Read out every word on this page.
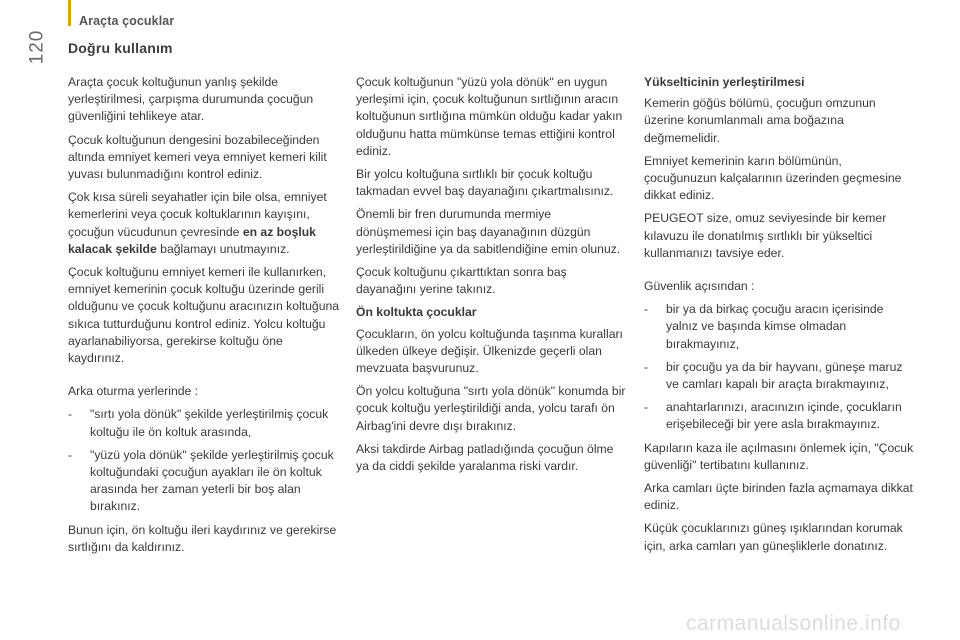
Araçta çocuklar
120 Doğru kullanım

Araçta çocuk koltuğunun yanlış şekilde yerleştirilmesi, çarpışma durumunda çocuğun güvenliğini tehlikeye atar.

Çocuk koltuğunun dengesini bozabileceğinden altında emniyet kemeri veya emniyet kemeri kilit yuvası bulunmadığını kontrol ediniz.

Çok kısa süreli seyahatler için bile olsa, emniyet kemerlerini veya çocuk koltuklarının kayışını, çocuğun vücudunun çevresinde en az boşluk kalacak şekilde bağlamayı unutmayınız.

Çocuk koltuğunu emniyet kemeri ile kullanırken, emniyet kemerinin çocuk koltuğu üzerinde gerili olduğunu ve çocuk koltuğunu aracınızın koltuğuna sıkıca tutturduğunu kontrol ediniz. Yolcu koltuğu ayarlanabiliyorsa, gerekirse koltuğu öne kaydırınız.

Arka oturma yerlerinde :

- "sırtı yola dönük" şekilde yerleştirilmiş çocuk koltuğu ile ön koltuk arasında,
- "yüzü yola dönük" şekilde yerleştirilmiş çocuk koltuğundaki çocuğun ayakları ile ön koltuk arasında her zaman yeterli bir boş alan bırakınız.

Bunun için, ön koltuğu ileri kaydırınız ve gerekirse sırtlığını da kaldırınız.

Çocuk koltuğunun "yüzü yola dönük" en uygun yerleşimi için, çocuk koltuğunun sırtlığının aracın koltuğunun sırtlığına mümkün olduğu kadar yakın olduğunu hatta mümkünse temas ettiğini kontrol ediniz.

Bir yolcu koltuğuna sırtlıklı bir çocuk koltuğu takmadan evvel baş dayanağını çıkartmalısınız.

Önemli bir fren durumunda mermiye dönüşmemesi için baş dayanağının düzgün yerleştirildiğine ya da sabitlendiğine emin olunuz.

Çocuk koltuğunu çıkarttıktan sonra baş dayanağını yerine takınız.

Ön koltukta çocuklar

Çocukların, ön yolcu koltuğunda taşınma kuralları ülkeden ülkeye değişir. Ülkenizde geçerli olan mevzuata başvurunuz.

Ön yolcu koltuğuna "sırtı yola dönük" konumda bir çocuk koltuğu yerleştirildiği anda, yolcu tarafı ön Airbag'ini devre dışı bırakınız.

Aksi takdirde Airbag patladığında çocuğun ölme ya da ciddi şekilde yaralanma riski vardır.

Yükselticinin yerleştirilmesi

Kemerin göğüs bölümü, çocuğun omzunun üzerine konumlanmalı ama boğazına değmemelidir.

Emniyet kemerinin karın bölümünün, çocuğunuzun kalçalarının üzerinden geçmesine dikkat ediniz.

PEUGEOT size, omuz seviyesinde bir kemer kılavuzu ile donatılmış sırtlıklı bir yükseltici kullanmanızı tavsiye eder.

Güvenlik açısından :

- bir ya da birkaç çocuğu aracın içerisinde yalnız ve başında kimse olmadan bırakmayınız,
- bir çocuğu ya da bir hayvanı, güneşe maruz ve camları kapalı bir araçta bırakmayınız,
- anahtarlarınızı, aracınızın içinde, çocukların erişebileceği bir yere asla bırakmayınız.

Kapıların kaza ile açılmasını önlemek için, "Çocuk güvenliği" tertibatını kullanınız.

Arka camları üçte birinden fazla açmamaya dikkat ediniz.

Küçük çocuklarınızı güneş ışıklarından korumak için, arka camları yan güneşliklerle donatınız.

carmanualsonline.info
